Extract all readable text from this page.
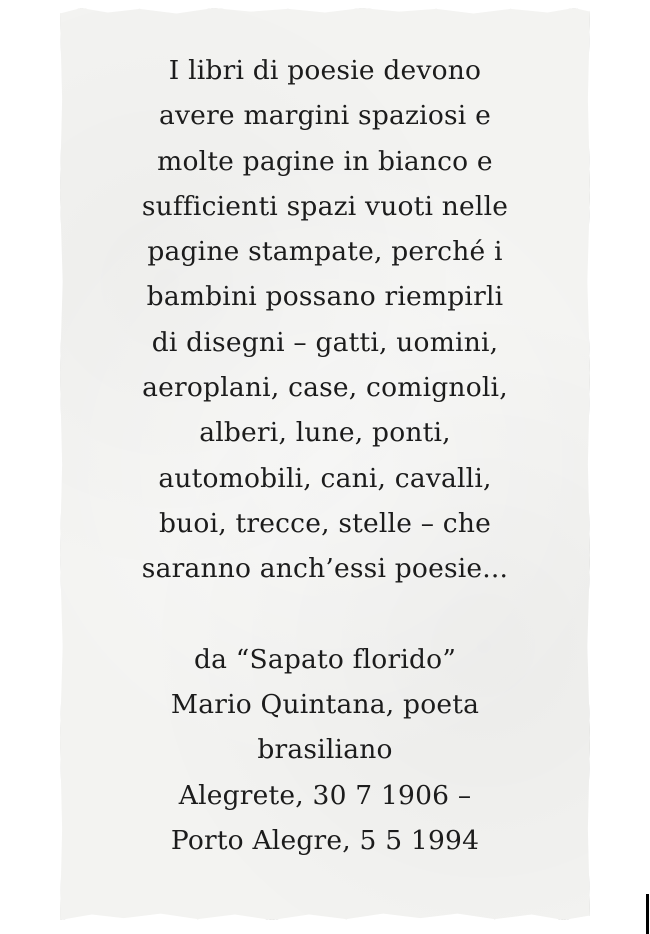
I libri di poesie devono
avere margini spaziosi e
molte pagine in bianco e
sufficienti spazi vuoti nelle
pagine stampate, perché i
bambini possano riempirli
di disegni – gatti, uomini,
aeroplani, case, comignoli,
alberi, lune, ponti,
automobili, cani, cavalli,
buoi, trecce, stelle – che
saranno anch’essi poesie...
da “Sapato florido”
Mario Quintana, poeta
brasiliano
Alegrete, 30 7 1906 –
Porto Alegre, 5 5 1994
